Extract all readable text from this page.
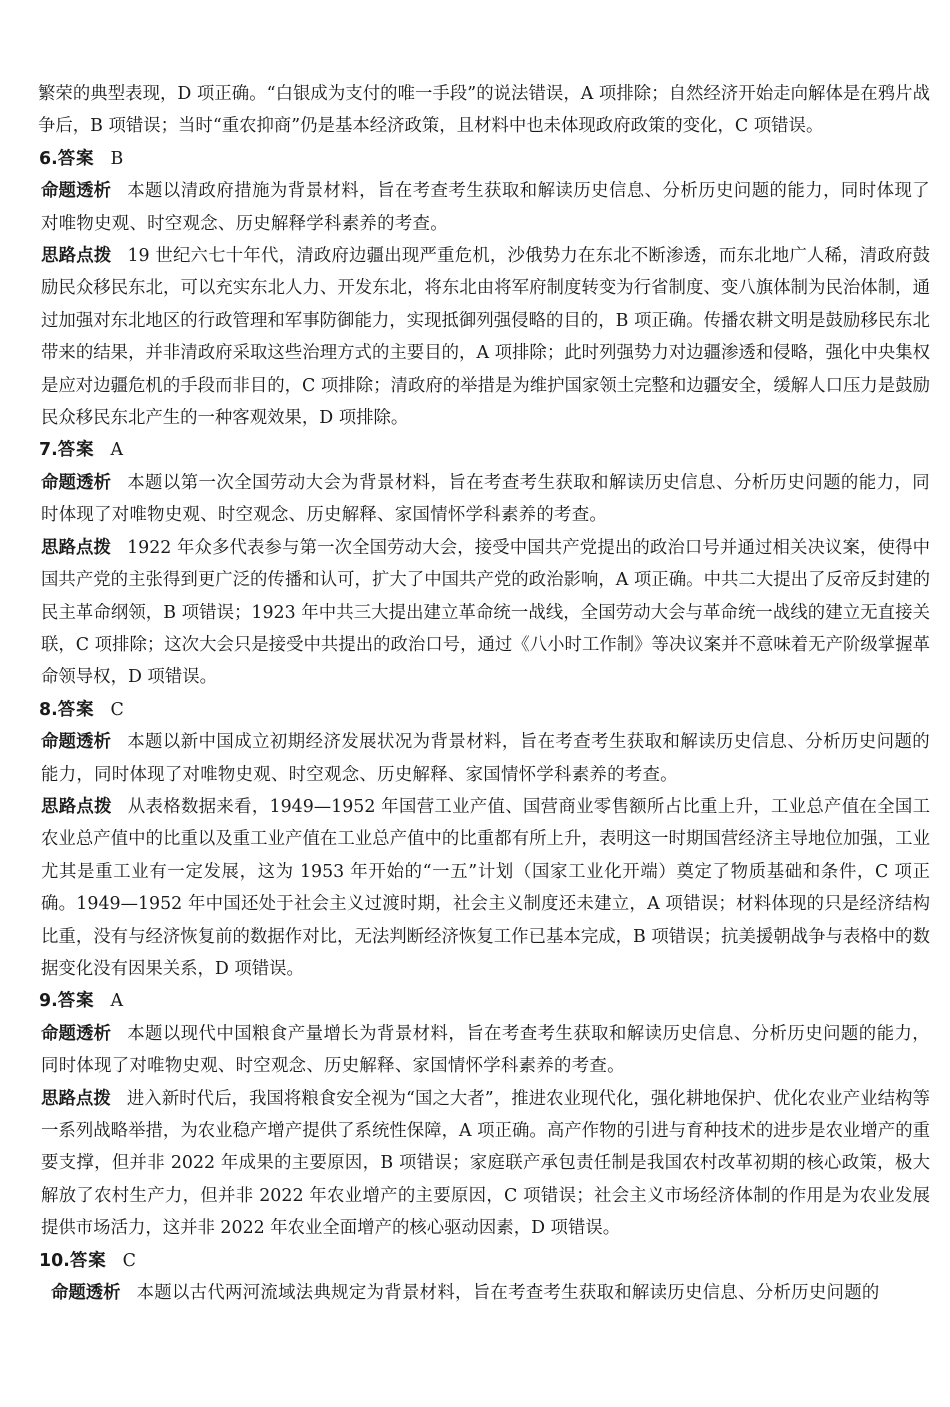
繁荣的典型表现，D 项正确。“白银成为支付的唯一手段”的说法错误，A 项排除；自然经济开始走向解体是在鸦片战争后，B 项错误；当时“重农抑商”仍是基本经济政策，且材料中也未体现政府政策的变化，C 项错误。

6.答案 B

命题透析 本题以清政府措施为背景材料，旨在考查考生获取和解读历史信息、分析历史问题的能力，同时体现了对唯物史观、时空观念、历史解释学科素养的考查。

思路点拨 19 世纪六七十年代，清政府边疆出现严重危机，沙俄势力在东北不断渗透，而东北地广人稀，清政府鼓励民众移民东北，可以充实东北人力、开发东北，将东北由将军府制度转变为行省制度、变八旗体制为民治体制，通过加强对东北地区的行政管理和军事防御能力，实现抵御列强侵略的目的，B 项正确。传播农耕文明是鼓励移民东北带来的结果，并非清政府采取这些治理方式的主要目的，A 项排除；此时列强势力对边疆渗透和侵略，强化中央集权是应对边疆危机的手段而非目的，C 项排除；清政府的举措是为维护国家领土完整和边疆安全，缓解人口压力是鼓励民众移民东北产生的一种客观效果，D 项排除。

7.答案 A

命题透析 本题以第一次全国劳动大会为背景材料，旨在考查考生获取和解读历史信息、分析历史问题的能力，同时体现了对唯物史观、时空观念、历史解释、家国情怀学科素养的考查。

思路点拨 1922 年众多代表参与第一次全国劳动大会，接受中国共产党提出的政治口号并通过相关决议案，使得中国共产党的主张得到更广泛的传播和认可，扩大了中国共产党的政治影响，A 项正确。中共二大提出了反帝反封建的民主革命纲领，B 项错误；1923 年中共三大提出建立革命统一战线，全国劳动大会与革命统一战线的建立无直接关联，C 项排除；这次大会只是接受中共提出的政治口号，通过《八小时工作制》等决议案并不意味着无产阶级掌握革命领导权，D 项错误。

8.答案 C

命题透析 本题以新中国成立初期经济发展状况为背景材料，旨在考查考生获取和解读历史信息、分析历史问题的能力，同时体现了对唯物史观、时空观念、历史解释、家国情怀学科素养的考查。

思路点拨 从表格数据来看，1949—1952 年国营工业产值、国营商业零售额所占比重上升，工业总产值在全国工农业总产值中的比重以及重工业产值在工业总产值中的比重都有所上升，表明这一时期国营经济主导地位加强，工业尤其是重工业有一定发展，这为 1953 年开始的“一五”计划（国家工业化开端）奠定了物质基础和条件，C 项正确。1949—1952 年中国还处于社会主义过渡时期，社会主义制度还未建立，A 项错误；材料体现的只是经济结构比重，没有与经济恢复前的数据作对比，无法判断经济恢复工作已基本完成，B 项错误；抗美援朝战争与表格中的数据变化没有因果关系，D 项错误。

9.答案 A

命题透析 本题以现代中国粮食产量增长为背景材料，旨在考查考生获取和解读历史信息、分析历史问题的能力，同时体现了对唯物史观、时空观念、历史解释、家国情怀学科素养的考查。

思路点拨 进入新时代后，我国将粮食安全视为“国之大者”，推进农业现代化，强化耕地保护、优化农业产业结构等一系列战略举措，为农业稳产增产提供了系统性保障，A 项正确。高产作物的引进与育种技术的进步是农业增产的重要支撑，但并非 2022 年成果的主要原因，B 项错误；家庭联产承包责任制是我国农村改革初期的核心政策，极大解放了农村生产力，但并非 2022 年农业增产的主要原因，C 项错误；社会主义市场经济体制的作用是为农业发展提供市场活力，这并非 2022 年农业全面增产的核心驱动因素，D 项错误。

10.答案 C

命题透析 本题以古代两河流域法典规定为背景材料，旨在考查考生获取和解读历史信息、分析历史问题的
